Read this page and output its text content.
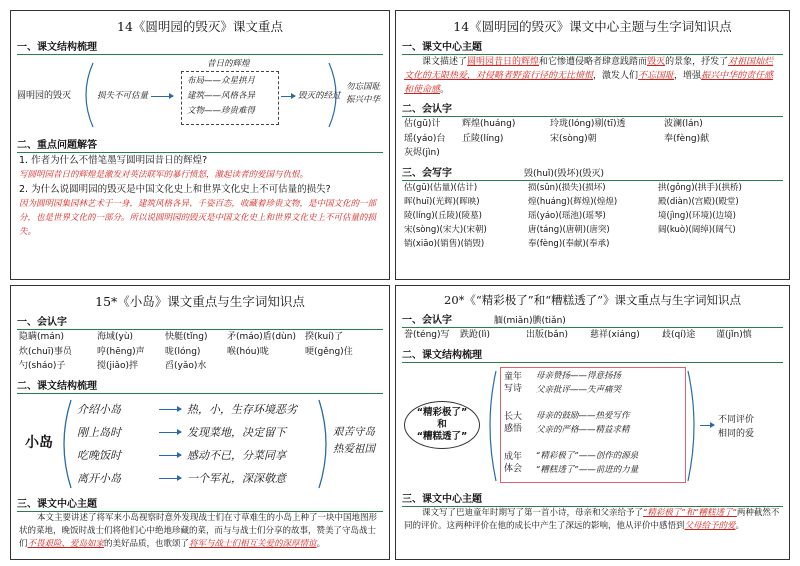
14《圆明园的毁灭》课文重点
一、课文结构梳理
圆明园的毁灭	损失不可估量
昔日的辉煌
布局——众星拱月
建筑——风格各异
文物——珍贵难得
毁灭的经过
勿忘国耻
振兴中华
二、重点问题解答
1. 作者为什么不惜笔墨写圆明园昔日的辉煌?
写圆明园昔日的辉煌是激发对英法联军的暴行愤怒，激起读者的爱国与仇恨。
2. 为什么说圆明园的毁灭是中国文化史上和世界文化史上不可估量的损失?
因为圆明园集园林艺术于一身，建筑风格各异、千姿百态，收藏着珍贵文物，是中国文化的一部分，也是世界文化的一部分。所以说圆明园的毁灭是中国文化史上和世界文化史上不可估量的损失。
14《圆明园的毁灭》课文中心主题与生字词知识点
一、课文中心主题
课文描述了圆明园昔日的辉煌和它惨遭侵略者肆意践踏而毁灭的景象，抒发了对祖国灿烂文化的无限热爱，对侵略者野蛮行径的无比愤恨，激发人们不忘国耻，增强振兴中华的责任感和使命感。
二、会认字
估(gū)计	辉煌(huáng)	玲珑(lóng)剔(tī)透	波澜(lán)
瑶(yáo)台	丘陵(líng)	宋(sòng)朝	奉(fèng)献
灰烬(jìn)
三、会写字	毁(huǐ)(毁坏)(毁灭)
估(gū)(估量)(估计)	损(sǔn)(损失)(损坏)	拱(gǒng)(拱手)(拱桥)
晖(huī)(光辉)(晖映)	煌(huáng)(辉煌)(煌煌)	殿(diàn)(宫殿)(殿堂)
陵(líng)(丘陵)(陵墓)	瑶(yáo)(瑶池)(瑶琴)	境(jìng)(环境)(边境)
宋(sòng)(宋大)(宋朝)	唐(táng)(唐朝)(唐突)	阔(kuò)(阔绰)(阔气)
销(xiāo)(销售)(销毁)	奉(fèng)(奉献)(奉承)
15*《小岛》课文重点与生字词知识点
一、会认字
隐瞒(mán)	海域(yù)	快艇(tǐng)	矛(máo)盾(dùn)	揆(kuí)了
炊(chuī)事员	哼(hēng)声	咙(lóng)	喉(hóu)咙	哽(gěng)住
勺(sháo)子	搅(jiǎo)拌	舀(yǎo)水
二、课文结构梳理
小岛
介绍小岛
刚上岛时
吃晚饭时
离开小岛
热，小，生存环境恶劣
发现菜地，决定留下
感动不已，分菜同享
一个军礼，深深敬意
艰苦守岛
热爱祖国
三、课文中心主题
本文主要讲述了将军来小岛视察时意外发现战士们在寸草难生的小岛上种了一块中国地图形状的菜地，晚饭时战士们将他们心中绝地珍藏的菜，而与与战士们分享的故事，赞美了守岛战士们不畏艰险、爱岛如家的美好品质，也歌颂了将军与战士们相互关爱的深厚情谊。
20*《“精彩极了”和“糟糕透了”》课文重点与生字词知识点
一、会认字	腼(miǎn)腆(tiǎn)
誊(téng)写	跌跄(lì)	出版(bǎn)	慈祥(xiáng)	歧(qí)途	谨(jǐn)慎
二、课文结构梳理
“精彩极了”
和
“糟糕透了”
童年
写诗
母亲赞扬——得意扬扬
父亲批评——失声痛哭
长大
感悟
母亲的鼓励——热爱写作
父亲的严格——精益求精
成年
体会
“精彩极了”——创作的源泉
“糟糕透了”——前进的力量
不同评价
相同的爱
三、课文中心主题
课文写了巴迪童年时期写了第一首小诗，母亲和父亲给予了“精彩极了”和“糟糕透了”两种截然不同的评价。这两种评价在他的成长中产生了深远的影响，他从评价中感悟到父母给予的爱。
